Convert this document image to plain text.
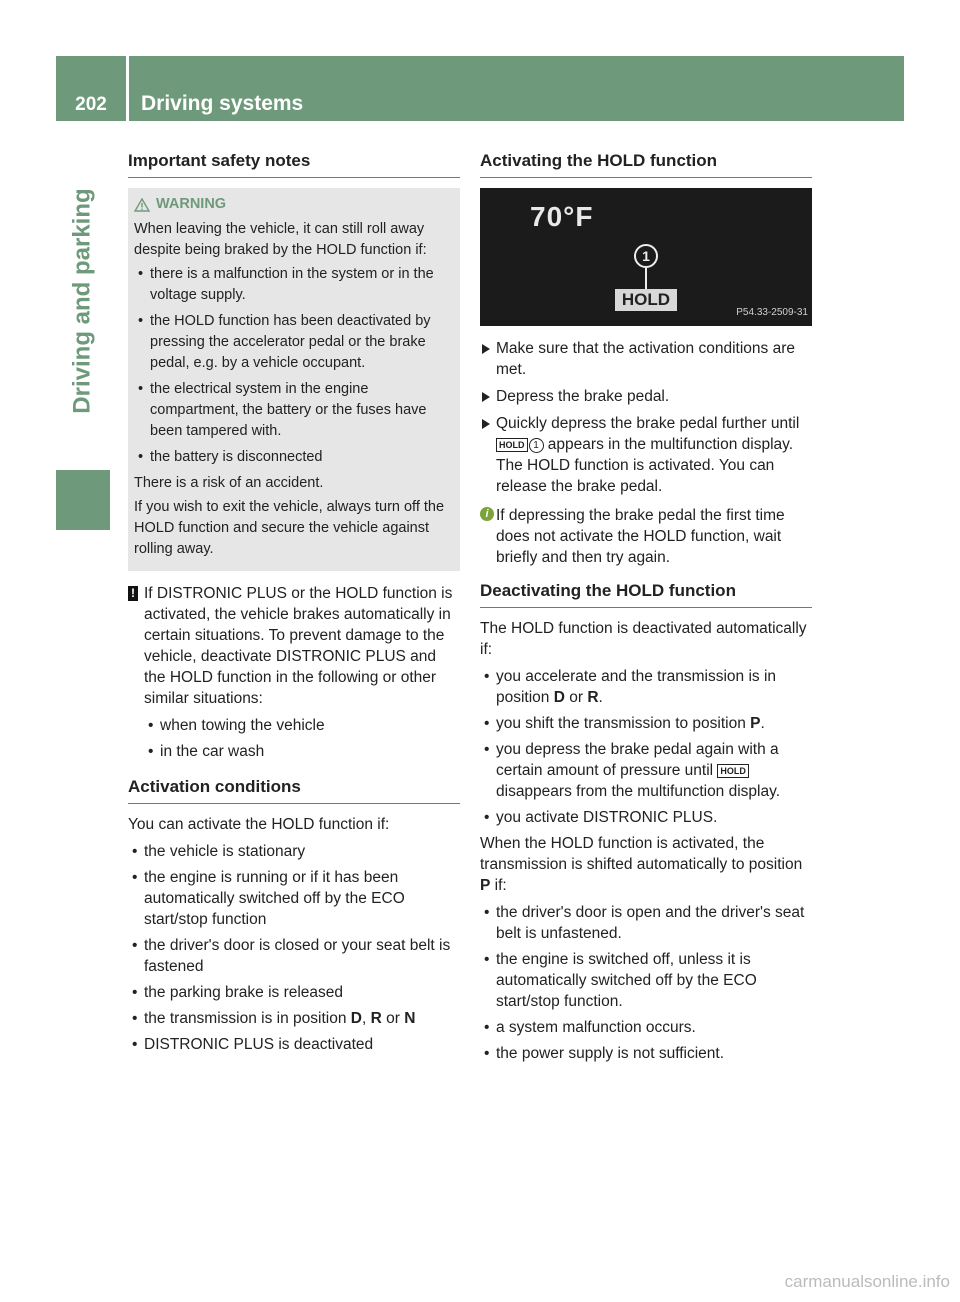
202	Driving systems
Driving and parking
Important safety notes
WARNING

When leaving the vehicle, it can still roll away despite being braked by the HOLD function if:

• there is a malfunction in the system or in the voltage supply.
• the HOLD function has been deactivated by pressing the accelerator pedal or the brake pedal, e.g. by a vehicle occupant.
• the electrical system in the engine compartment, the battery or the fuses have been tampered with.
• the battery is disconnected

There is a risk of an accident.

If you wish to exit the vehicle, always turn off the HOLD function and secure the vehicle against rolling away.

! If DISTRONIC PLUS or the HOLD function is activated, the vehicle brakes automatically in certain situations. To prevent damage to the vehicle, deactivate DISTRONIC PLUS and the HOLD function in the following or other similar situations:
• when towing the vehicle
• in the car wash
Activation conditions

You can activate the HOLD function if:

• the vehicle is stationary
• the engine is running or if it has been automatically switched off by the ECO start/stop function
• the driver's door is closed or your seat belt is fastened
• the parking brake is released
• the transmission is in position D, R or N
• DISTRONIC PLUS is deactivated
Activating the HOLD function
70°F
1
HOLD
P54.33-2509-31
Make sure that the activation conditions are met.
Depress the brake pedal.
Quickly depress the brake pedal further until HOLD 1 appears in the multifunction display.
The HOLD function is activated. You can release the brake pedal.
i If depressing the brake pedal the first time does not activate the HOLD function, wait briefly and then try again.
Deactivating the HOLD function

The HOLD function is deactivated automatically if:

• you accelerate and the transmission is in position D or R.
• you shift the transmission to position P.
• you depress the brake pedal again with a certain amount of pressure until HOLD disappears from the multifunction display.
• you activate DISTRONIC PLUS.

When the HOLD function is activated, the transmission is shifted automatically to position P if:

• the driver's door is open and the driver's seat belt is unfastened.
• the engine is switched off, unless it is automatically switched off by the ECO start/stop function.
• a system malfunction occurs.
• the power supply is not sufficient.
carmanualsonline.info
